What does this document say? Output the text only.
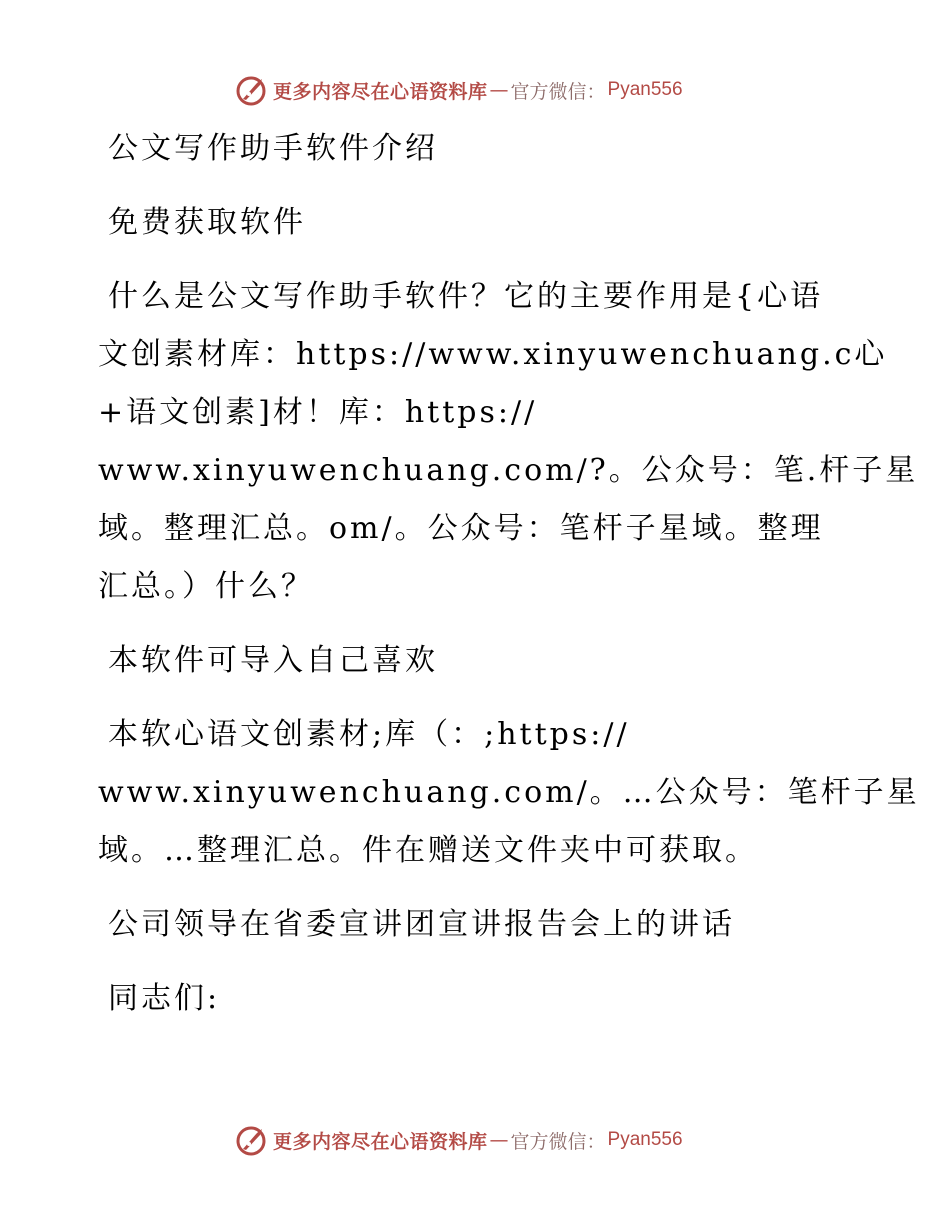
更多内容尽在心语资料库 — 官方微信： Pyan556
公文写作助手软件介绍
免费获取软件
什么是公文写作助手软件？它的主要作用是{心语
文创素材库：https://www.xinyuwenchuang.c心
+语文创素]材！库：https://
www.xinyuwenchuang.com/?。公众号：笔.杆子星
域。整理汇总。om/。公众号：笔杆子星域。整理
汇总。）什么？
本软件可导入自己喜欢
本软心语文创素材;库（：;https://
www.xinyuwenchuang.com/。…公众号：笔杆子星
域。…整理汇总。件在赠送文件夹中可获取。
公司领导在省委宣讲团宣讲报告会上的讲话
同志们:
更多内容尽在心语资料库 — 官方微信： Pyan556
